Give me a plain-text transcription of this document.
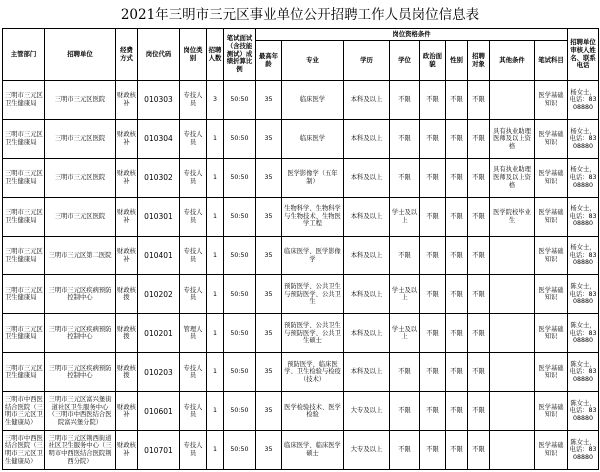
2021年三明市三元区事业单位公开招聘工作人员岗位信息表
主管部门	招聘单位	经费方式	岗位代码	岗位类别	招聘人数	笔试面试（含技能测试）成绩折算比例	岗位资格条件									招聘单位审核人姓名、联系电话
							最高年龄	专业	学历	学位	政治面貌	性别	招聘对象	其他条件	笔试科目	
三明市三元区卫生健康局	三明市三元区医院	财政核补	010303	专技人员	3	50:50	35	临床医学	本科及以上	不限	不限	不限	不限		医学基础知识	杨女士，电话：8308880
三明市三元区卫生健康局	三明市三元区医院	财政核补	010304	专技人员	1	50:50	35	临床医学	本科及以上	不限	不限	不限	不限	具有执业助理医师及以上资格	医学基础知识	杨女士，电话：8308880
三明市三元区卫生健康局	三明市三元区医院	财政核补	010302	专技人员	1	50:50	35	医学影像学（五年制）	本科及以上	不限	不限	不限	不限	具有执业助理医师及以上资格	医学基础知识	杨女士，电话：8308880
三明市三元区卫生健康局	三明市三元区医院	财政核补	010301	专技人员	1	50:50	35	生物科学、生物科学与生物技术、生物医学工程	本科及以上	学士及以上	不限	不限	不限	医学院校毕业生	医学基础知识	杨女士，电话：8308880
三明市三元区卫生健康局	三明市三元区第二医院	财政核补	010401	专技人员	1	50:50	35	临床医学、医学影像学	本科及以上	不限	不限	不限	不限		医学基础知识	杨女士，电话：8308880
三明市三元区卫生健康局	三明市三元区疾病预防控制中心	财政核拨	010202	专技人员	1	50:50	35	预防医学、公共卫生与预防医学、公共卫生	本科及以上	学士及以上	不限	不限	不限		医学基础知识	陈女士，电话：8308880
三明市三元区卫生健康局	三明市三元区疾病预防控制中心	财政核拨	010201	管理人员	1	50:50	35	预防医学、公共卫生与预防医学、公共卫生硕士	本科及以上	学士及以上	不限	不限	不限		医学基础知识	陈女士，电话：8308880
三明市三元区卫生健康局	三明市三元区疾病预防控制中心	财政核拨	010203	专技人员	1	50:50	35	预防医学、临床医学、卫生检验与检疫（技术）	本科及以上	不限	不限	不限	不限		医学基础知识	陈女士，电话：8308880
三明市中西医结合医院（三明市三元区卫生健康局）	三明市三元区富兴堡街道社区卫生服务中心（三明市中西医结合医院富兴堡分院）	财政核补	010601	专技人员	1	50:50	35	医学检验技术、医学检验	大专及以上	不限	不限	不限	不限		医学基础知识	陈女士，电话：8308880
三明市中西医结合医院（三明市三元区卫生健康局）	三明市三元区荆西街道社区卫生服务中心（三明市中西医结合医院荆西分院）	财政核补	010701	专技人员	1	50:50	35	临床医学、临床医学硕士	大专及以上	不限	不限	不限	不限		医学基础知识	陈女士，电话：8308880
